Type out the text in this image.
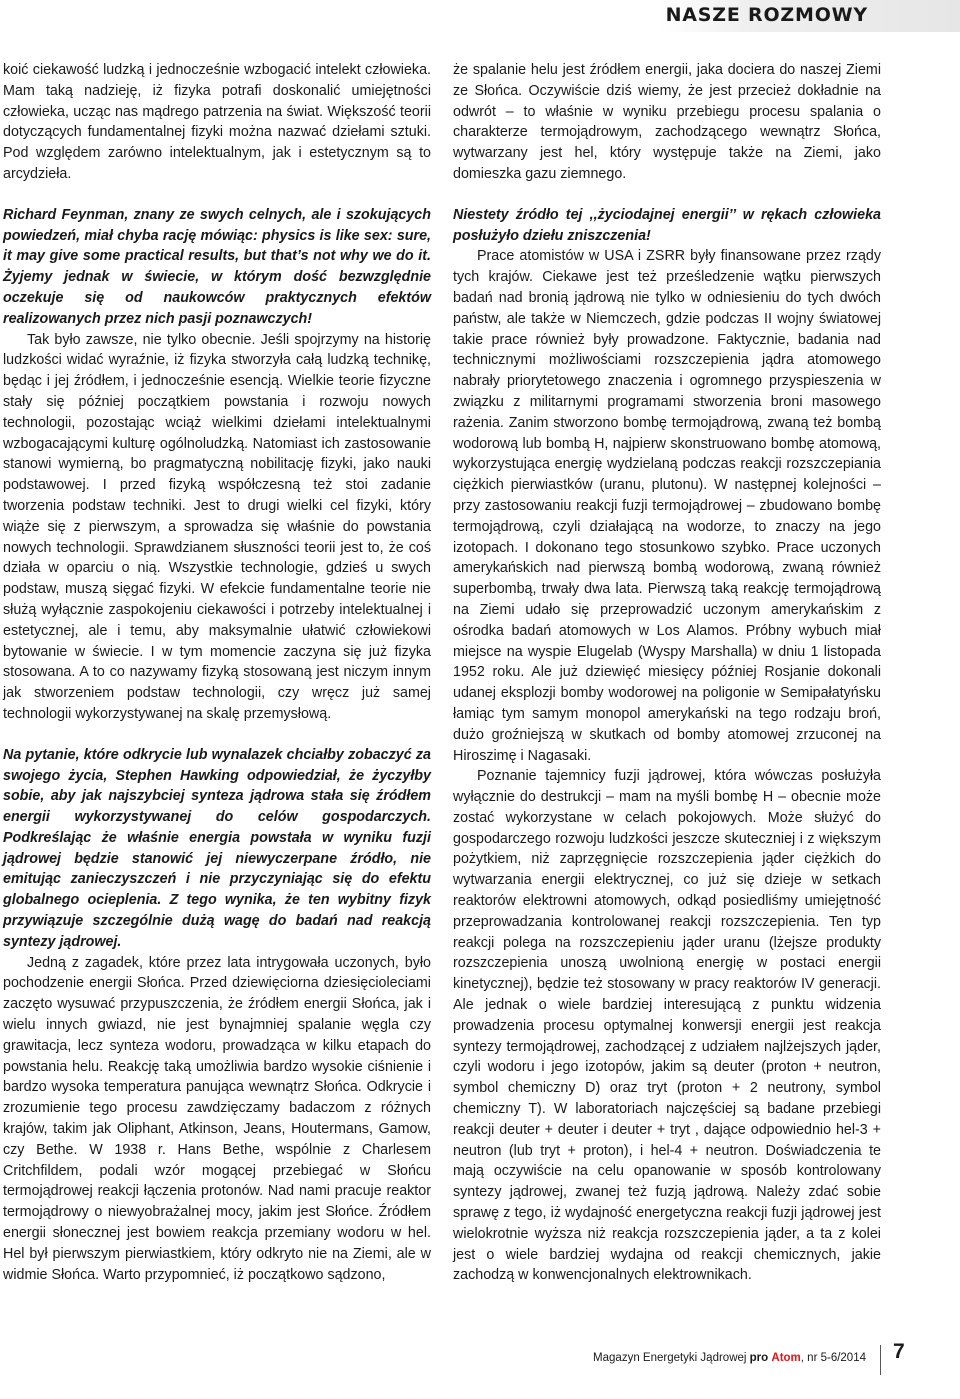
NASZE ROZMOWY

koić ciekawość ludzką i jednocześnie wzbogacić intelekt człowieka. Mam taką nadzieję, iż fizyka potrafi doskonalić umiejętności człowieka, ucząc nas mądrego patrzenia na świat. Większość teorii dotyczących fundamentalnej fizyki można nazwać dziełami sztuki. Pod względem zarówno intelektualnym, jak i estetycznym są to arcydzieła.

Richard Feynman, znany ze swych celnych, ale i szokujących powiedzeń, miał chyba rację mówiąc: physics is like sex: sure, it may give some practical results, but that’s not why we do it. Żyjemy jednak w świecie, w którym dość bezwzględnie oczekuje się od naukowców praktycznych efektów realizowanych przez nich pasji poznawczych!

Tak było zawsze, nie tylko obecnie. Jeśli spojrzymy na historię ludzkości widać wyraźnie, iż fizyka stworzyła całą ludzką technikę, będąc i jej źródłem, i jednocześnie esencją. Wielkie teorie fizyczne stały się później początkiem powstania i rozwoju nowych technologii, pozostając wciąż wielkimi dziełami intelektualnymi wzbogacającymi kulturę ogólnoludzką. Natomiast ich zastosowanie stanowi wymierną, bo pragmatyczną nobilitację fizyki, jako nauki podstawowej. I przed fizyką współczesną też stoi zadanie tworzenia podstaw techniki. Jest to drugi wielki cel fizyki, który wiąże się z pierwszym, a sprowadza się właśnie do powstania nowych technologii. Sprawdzianem słuszności teorii jest to, że coś działa w oparciu o nią. Wszystkie technologie, gdzieś u swych podstaw, muszą sięgać fizyki. W efekcie fundamentalne teorie nie służą wyłącznie zaspokojeniu ciekawości i potrzeby intelektualnej i estetycznej, ale i temu, aby maksymalnie ułatwić człowiekowi bytowanie w świecie. I w tym momencie zaczyna się już fizyka stosowana. A to co nazywamy fizyką stosowaną jest niczym innym jak stworzeniem podstaw technologii, czy wręcz już samej technologii wykorzystywanej na skalę przemysłową.

Na pytanie, które odkrycie lub wynalazek chciałby zobaczyć za swojego życia, Stephen Hawking odpowiedział, że życzyłby sobie, aby jak najszybciej synteza jądrowa stała się źródłem energii wykorzystywanej do celów gospodarczych. Podkreślając że właśnie energia powstała w wyniku fuzji jądrowej będzie stanowić jej niewyczerpane źródło, nie emitując zanieczyszczeń i nie przyczyniając się do efektu globalnego ocieplenia. Z tego wynika, że ten wybitny fizyk przywiązuje szczególnie dużą wagę do badań nad reakcją syntezy jądrowej.

Jedną z zagadek, które przez lata intrygowała uczonych, było pochodzenie energii Słońca. Przed dziewięciorna dziesięcioleciami zaczęto wysuwać przypuszczenia, że źródłem energii Słońca, jak i wielu innych gwiazd, nie jest bynajmniej spalanie węgla czy grawitacja, lecz synteza wodoru, prowadząca w kilku etapach do powstania helu. Reakcję taką umożliwia bardzo wysokie ciśnienie i bardzo wysoka temperatura panująca wewnątrz Słońca. Odkrycie i zrozumienie tego procesu zawdzięczamy badaczom z różnych krajów, takim jak Oliphant, Atkinson, Jeans, Houtermans, Gamow, czy Bethe. W 1938 r. Hans Bethe, wspólnie z Charlesem Critchfildem, podali wzór mogącej przebiegać w Słońcu termojądrowej reakcji łączenia protonów. Nad nami pracuje reaktor termojądrowy o niewyobrażalnej mocy, jakim jest Słońce. Źródłem energii słonecznej jest bowiem reakcja przemiany wodoru w hel. Hel był pierwszym pierwiastkiem, który odkryto nie na Ziemi, ale w widmie Słońca. Warto przypomnieć, iż początkowo sądzono,

że spalanie helu jest źródłem energii, jaka dociera do naszej Ziemi ze Słońca. Oczywiście dziś wiemy, że jest przecież dokładnie na odwrót – to właśnie w wyniku przebiegu procesu spalania o charakterze termojądrowym, zachodzącego wewnątrz Słońca, wytwarzany jest hel, który występuje także na Ziemi, jako domieszka gazu ziemnego.

Niestety źródło tej ,,życiodajnej energii’’ w rękach człowieka posłużyło dziełu zniszczenia!

Prace atomistów w USA i ZSRR były finansowane przez rządy tych krajów. Ciekawe jest też prześledzenie wątku pierwszych badań nad bronią jądrową nie tylko w odniesieniu do tych dwóch państw, ale także w Niemczech, gdzie podczas II wojny światowej takie prace również były prowadzone. Faktycznie, badania nad technicznymi możliwościami rozszczepienia jądra atomowego nabrały priorytetowego znaczenia i ogromnego przyspieszenia w związku z militarnymi programami stworzenia broni masowego rażenia. Zanim stworzono bombę termojądrową, zwaną też bombą wodorową lub bombą H, najpierw skonstruowano bombę atomową, wykorzystująca energię wydzielaną podczas reakcji rozszczepiania ciężkich pierwiastków (uranu, plutonu). W następnej kolejności – przy zastosowaniu reakcji fuzji termojądrowej – zbudowano bombę termojądrową, czyli działającą na wodorze, to znaczy na jego izotopach. I dokonano tego stosunkowo szybko. Prace uczonych amerykańskich nad pierwszą bombą wodorową, zwaną również superbombą, trwały dwa lata. Pierwszą taką reakcję termojądrową na Ziemi udało się przeprowadzić uczonym amerykańskim z ośrodka badań atomowych w Los Alamos. Próbny wybuch miał miejsce na wyspie Elugelab (Wyspy Marshalla) w dniu 1 listopada 1952 roku. Ale już dziewięć miesięcy później Rosjanie dokonali udanej eksplozji bomby wodorowej na poligonie w Semipałatyńsku łamiąc tym samym monopol amerykański na tego rodzaju broń, dużo groźniejszą w skutkach od bomby atomowej zrzuconej na Hiroszimę i Nagasaki.

Poznanie tajemnicy fuzji jądrowej, która wówczas posłużyła wyłącznie do destrukcji – mam na myśli bombę H – obecnie może zostać wykorzystane w celach pokojowych. Może służyć do gospodarczego rozwoju ludzkości jeszcze skuteczniej i z większym pożytkiem, niż zaprzęgnięcie rozszczepienia jąder ciężkich do wytwarzania energii elektrycznej, co już się dzieje w setkach reaktorów elektrowni atomowych, odkąd posiedliśmy umiejętność przeprowadzania kontrolowanej reakcji rozszczepienia. Ten typ reakcji polega na rozszczepieniu jąder uranu (lżejsze produkty rozszczepienia unoszą uwolnioną energię w postaci energii kinetycznej), będzie też stosowany w pracy reaktorów IV generacji. Ale jednak o wiele bardziej interesującą z punktu widzenia prowadzenia procesu optymalnej konwersji energii jest reakcja syntezy termojądrowej, zachodzącej z udziałem najlżejszych jąder, czyli wodoru i jego izotopów, jakim są deuter (proton + neutron, symbol chemiczny D) oraz tryt (proton + 2 neutrony, symbol chemiczny T). W laboratoriach najczęściej są badane przebiegi reakcji deuter + deuter i deuter + tryt , dające odpowiednio hel-3 + neutron (lub tryt + proton), i hel-4 + neutron. Doświadczenia te mają oczywiście na celu opanowanie w sposób kontrolowany syntezy jądrowej, zwanej też fuzją jądrową. Należy zdać sobie sprawę z tego, iż wydajność energetyczna reakcji fuzji jądrowej jest wielokrotnie wyższa niż reakcja rozszczepienia jąder, a ta z kolei jest o wiele bardziej wydajna od reakcji chemicznych, jakie zachodzą w konwencjonalnych elektrownikach.

Magazyn Energetyki Jądrowej pro Atom, nr 5-6/2014 7
